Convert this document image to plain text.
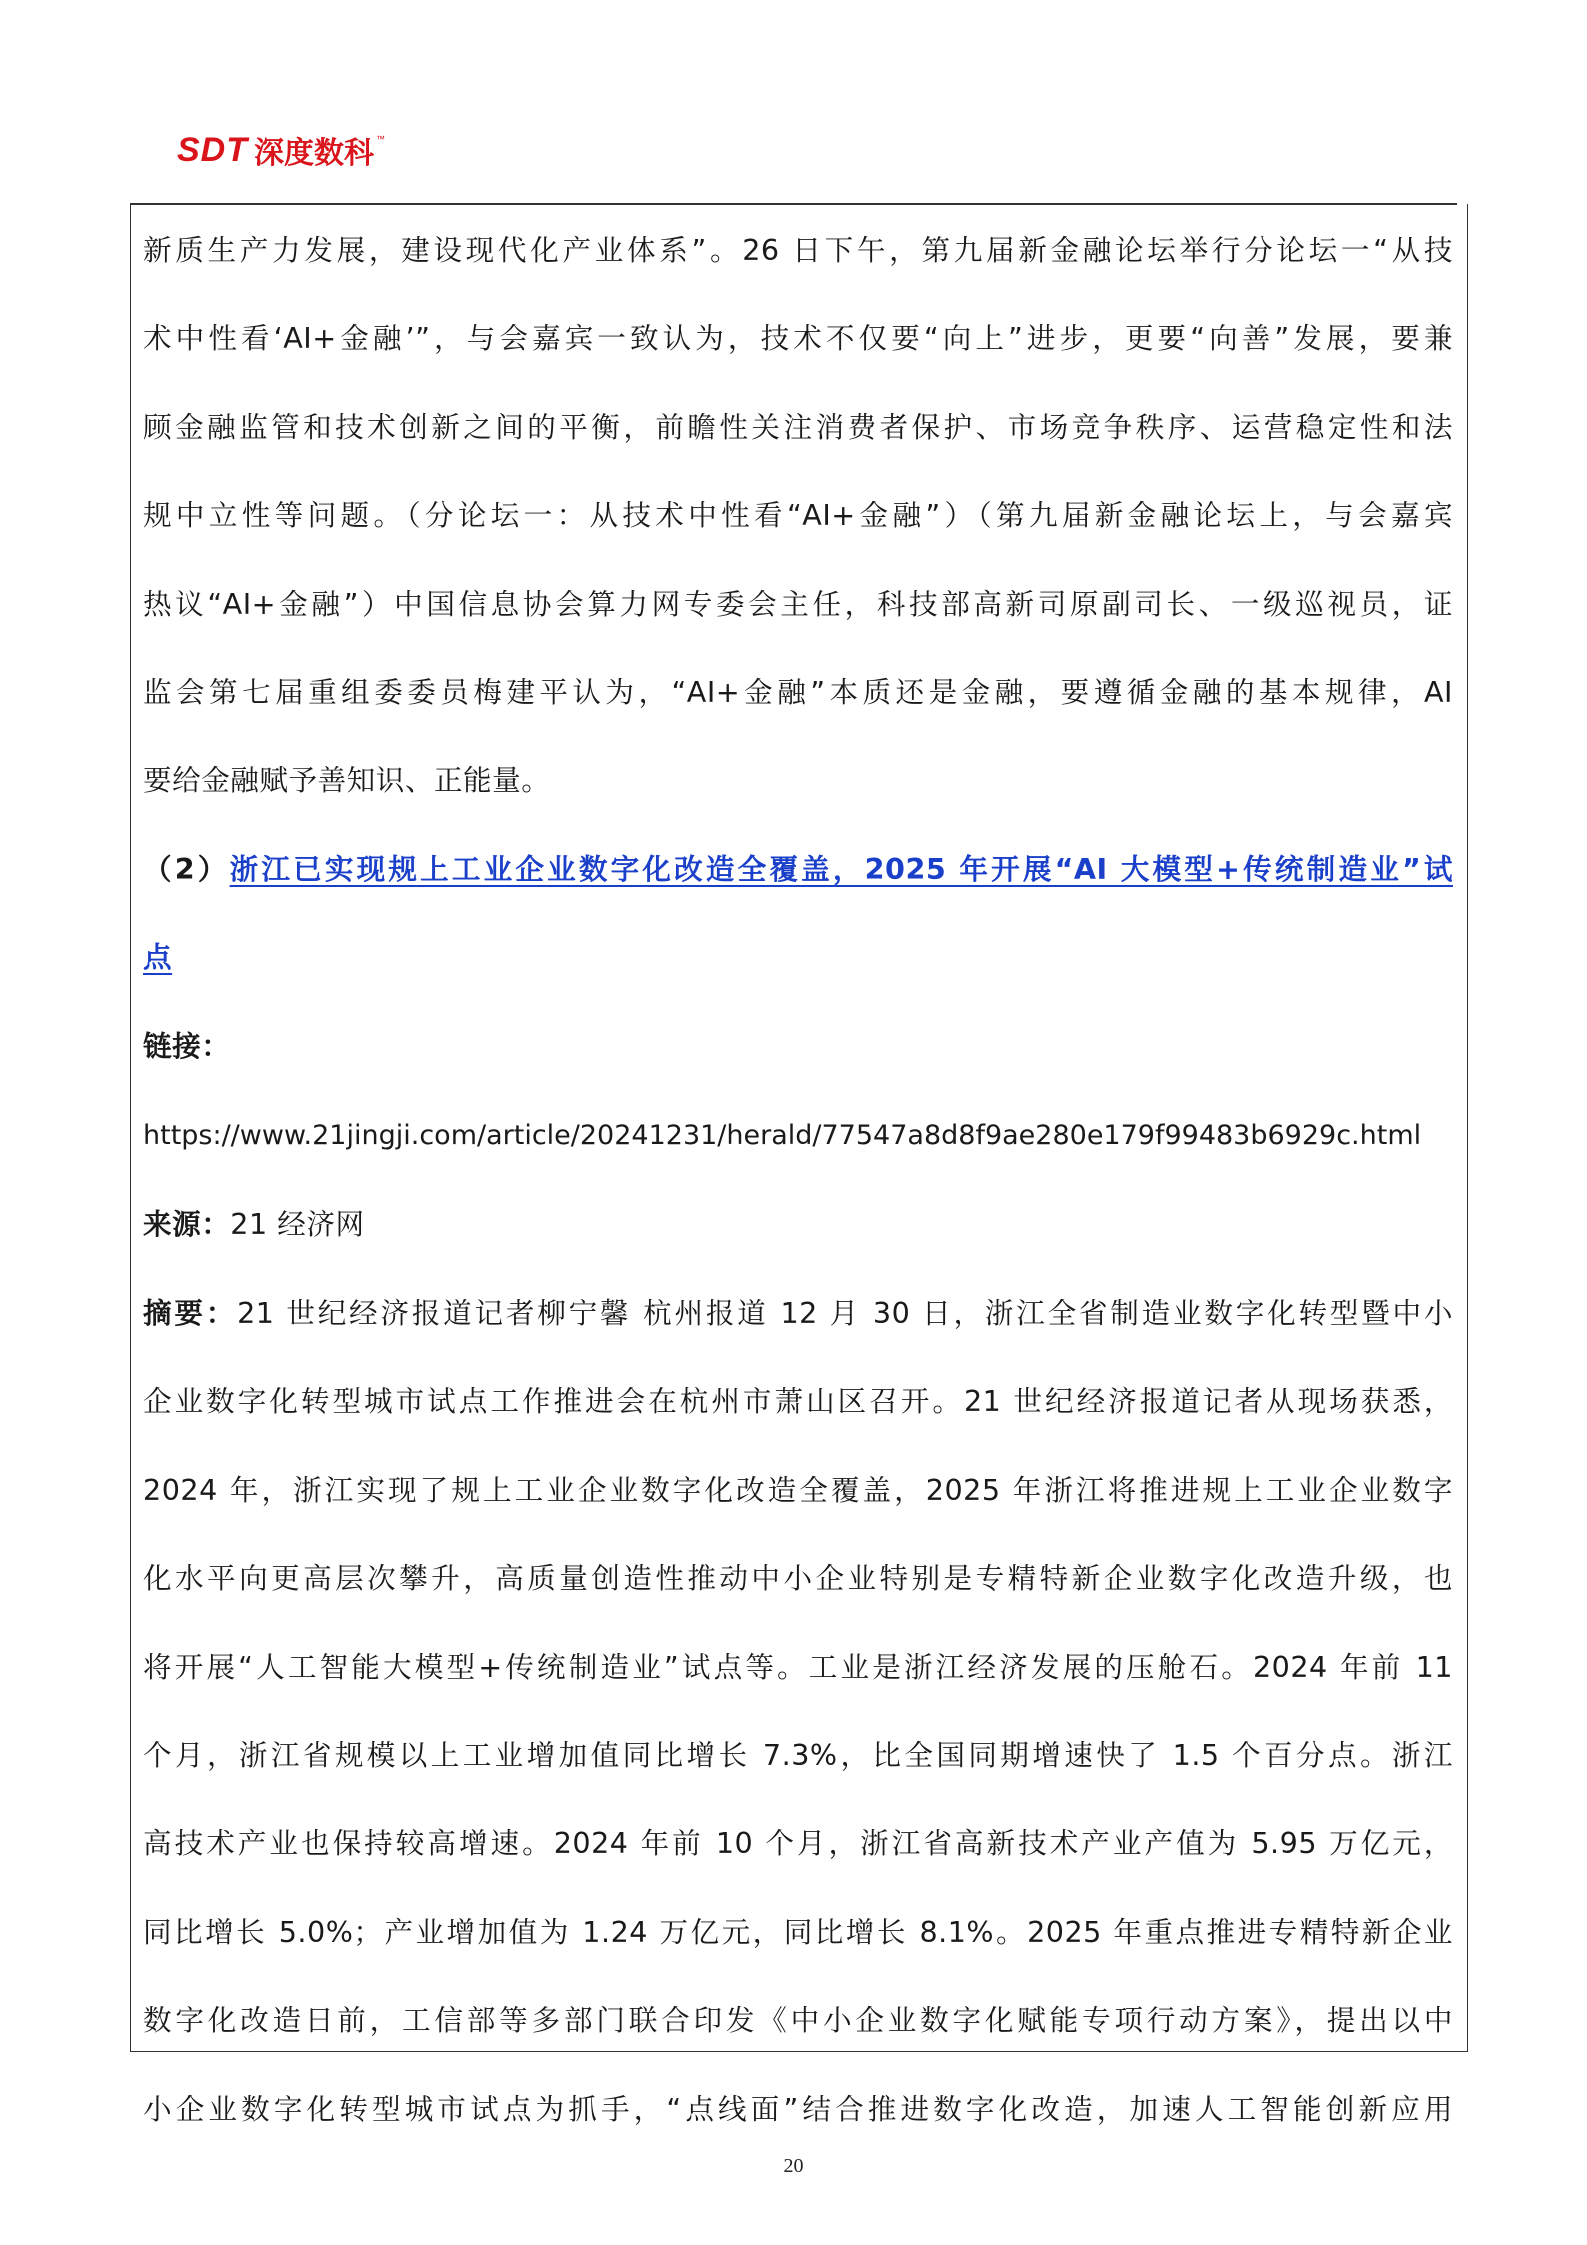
SDT 深度数科 ™

新质生产力发展，建设现代化产业体系”。26 日下午，第九届新金融论坛举行分论坛一“从技

术中性看‘AI+金融’”，与会嘉宾一致认为，技术不仅要“向上”进步，更要“向善”发展，要兼

顾金融监管和技术创新之间的平衡，前瞻性关注消费者保护、市场竞争秩序、运营稳定性和法

规中立性等问题。（分论坛一：从技术中性看“AI+金融”）（第九届新金融论坛上，与会嘉宾

热议“AI+金融”）中国信息协会算力网专委会主任，科技部高新司原副司长、一级巡视员，证

监会第七届重组委委员梅建平认为，“AI+金融”本质还是金融，要遵循金融的基本规律，AI

要给金融赋予善知识、正能量。

（2）浙江已实现规上工业企业数字化改造全覆盖，2025 年开展“AI 大模型+传统制造业”试

点

链接：https://www.21jingji.com/article/20241231/herald/77547a8d8f9ae280e179f99483b6929c.html

来源：21 经济网

摘要：21 世纪经济报道记者柳宁馨 杭州报道 12 月 30 日，浙江全省制造业数字化转型暨中小

企业数字化转型城市试点工作推进会在杭州市萧山区召开。21 世纪经济报道记者从现场获悉，

2024 年，浙江实现了规上工业企业数字化改造全覆盖，2025 年浙江将推进规上工业企业数字

化水平向更高层次攀升，高质量创造性推动中小企业特别是专精特新企业数字化改造升级，也

将开展“人工智能大模型+传统制造业”试点等。工业是浙江经济发展的压舱石。2024 年前 11

个月，浙江省规模以上工业增加值同比增长 7.3%，比全国同期增速快了 1.5 个百分点。浙江

高技术产业也保持较高增速。2024 年前 10 个月，浙江省高新技术产业产值为 5.95 万亿元，

同比增长 5.0%；产业增加值为 1.24 万亿元，同比增长 8.1%。2025 年重点推进专精特新企业

数字化改造日前，工信部等多部门联合印发《中小企业数字化赋能专项行动方案》，提出以中

小企业数字化转型城市试点为抓手，“点线面”结合推进数字化改造，加速人工智能创新应用

20
